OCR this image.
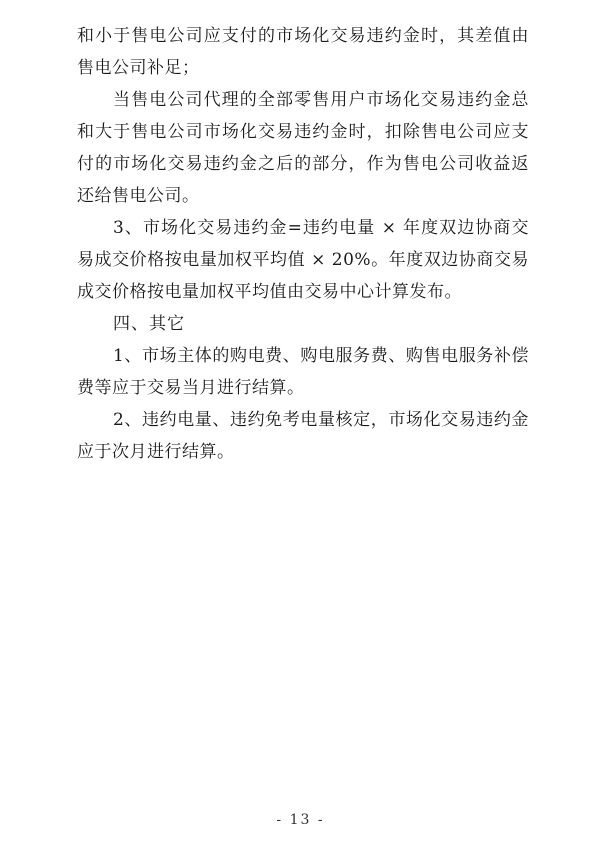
和小于售电公司应支付的市场化交易违约金时，其差值由售电公司补足；

当售电公司代理的全部零售用户市场化交易违约金总和大于售电公司市场化交易违约金时，扣除售电公司应支付的市场化交易违约金之后的部分，作为售电公司收益返还给售电公司。

3、市场化交易违约金=违约电量 × 年度双边协商交易成交价格按电量加权平均值 × 20%。年度双边协商交易成交价格按电量加权平均值由交易中心计算发布。

四、其它

1、市场主体的购电费、购电服务费、购售电服务补偿费等应于交易当月进行结算。

2、违约电量、违约免考电量核定，市场化交易违约金应于次月进行结算。

- 13 -
